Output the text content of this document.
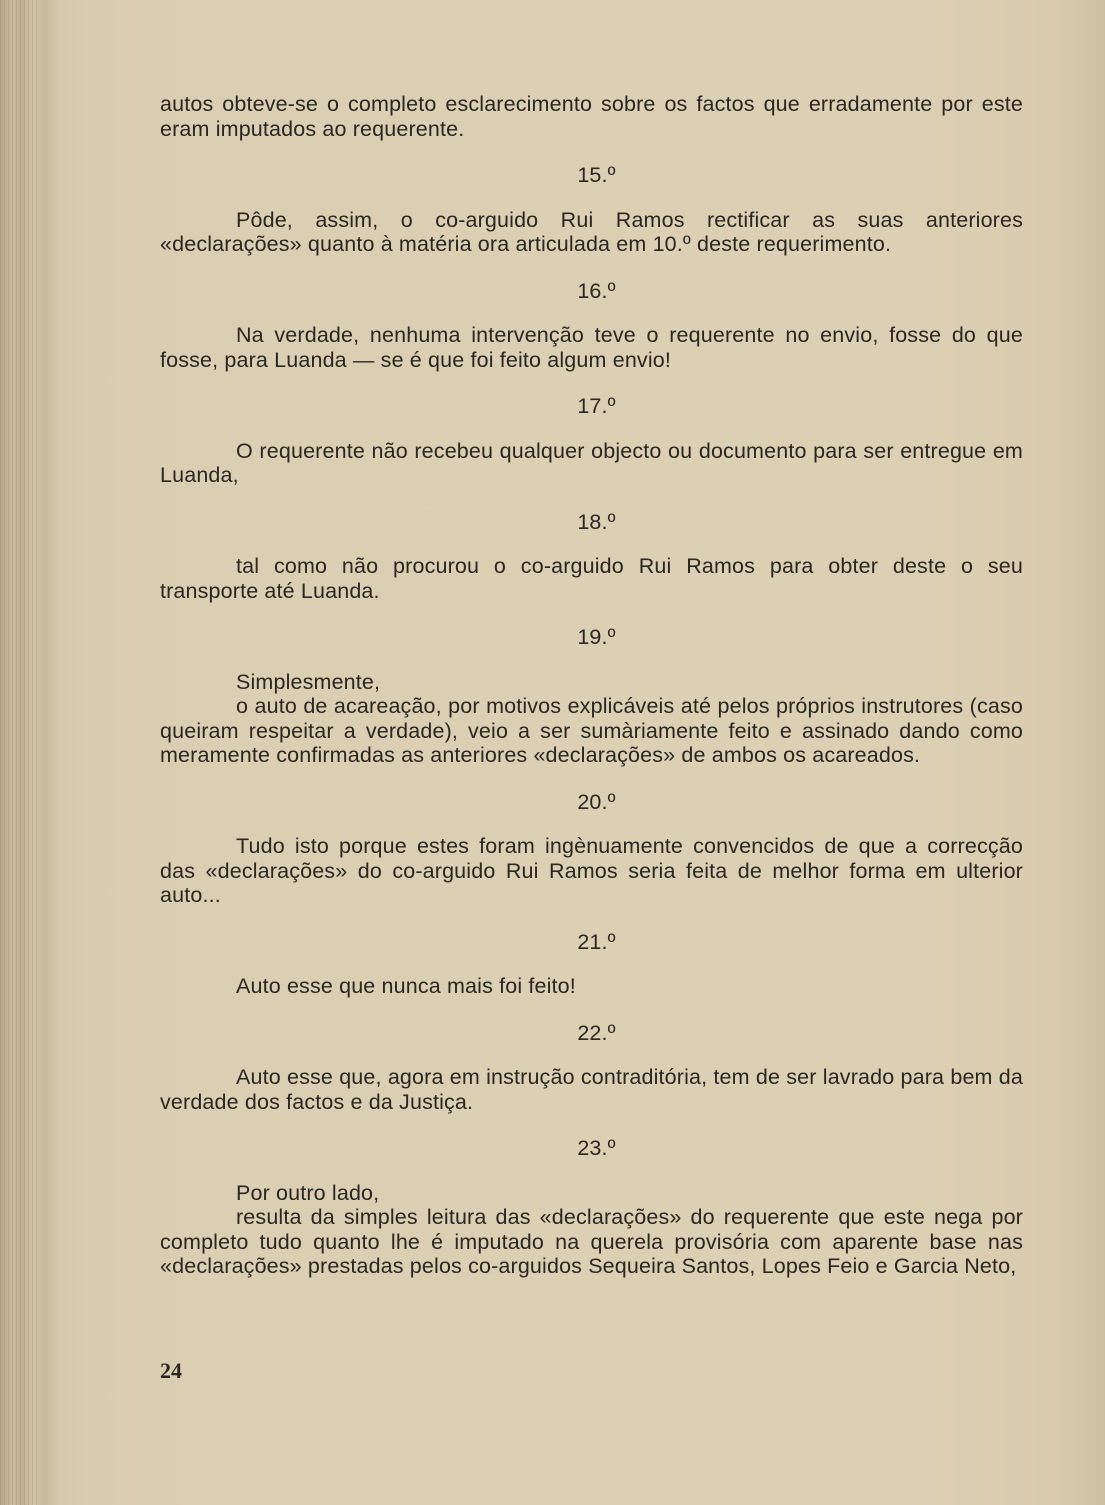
autos obteve-se o completo esclarecimento sobre os factos que erradamente por este eram imputados ao requerente.

15.º

Pôde, assim, o co-arguido Rui Ramos rectificar as suas anteriores «declarações» quanto à matéria ora articulada em 10.º deste requerimento.

16.º

Na verdade, nenhuma intervenção teve o requerente no envio, fosse do que fosse, para Luanda — se é que foi feito algum envio!

17.º

O requerente não recebeu qualquer objecto ou documento para ser entregue em Luanda,

18.º

tal como não procurou o co-arguido Rui Ramos para obter deste o seu transporte até Luanda.

19.º

Simplesmente,

o auto de acareação, por motivos explicáveis até pelos próprios instrutores (caso queiram respeitar a verdade), veio a ser sumàriamente feito e assinado dando como meramente confirmadas as anteriores «declarações» de ambos os acareados.

20.º

Tudo isto porque estes foram ingènuamente convencidos de que a correcção das «declarações» do co-arguido Rui Ramos seria feita de melhor forma em ulterior auto...

21.º

Auto esse que nunca mais foi feito!

22.º

Auto esse que, agora em instrução contraditória, tem de ser lavrado para bem da verdade dos factos e da Justiça.

23.º

Por outro lado,

resulta da simples leitura das «declarações» do requerente que este nega por completo tudo quanto lhe é imputado na querela provisória com aparente base nas «declarações» prestadas pelos co-arguidos Sequeira Santos, Lopes Feio e Garcia Neto,

24
